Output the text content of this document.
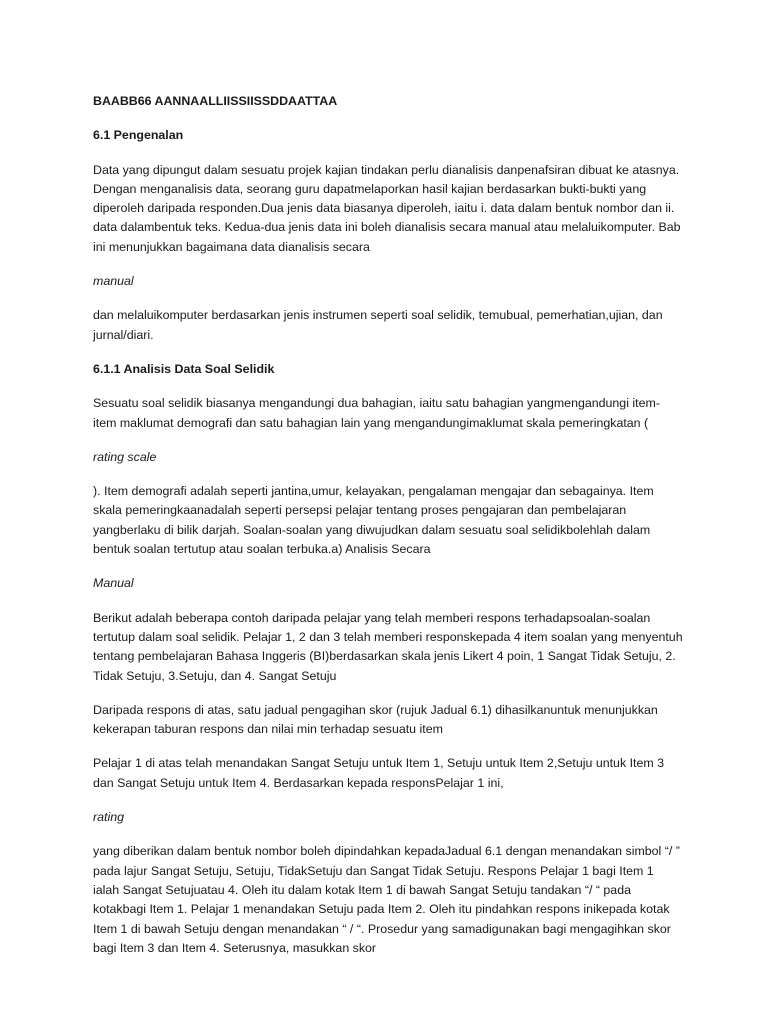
BAABB66 AANNAALLIISSIISSDDAATTAA

6.1 Pengenalan

Data yang dipungut dalam sesuatu projek kajian tindakan perlu dianalisis danpenafsiran dibuat ke atasnya. Dengan menganalisis data, seorang guru dapatmelaporkan hasil kajian berdasarkan bukti-bukti yang diperoleh daripada responden.Dua jenis data biasanya diperoleh, iaitu i. data dalam bentuk nombor dan ii. data dalambentuk teks. Kedua-dua jenis data ini boleh dianalisis secara manual atau melaluikomputer. Bab ini menunjukkan bagaimana data dianalisis secara

manual

dan melaluikomputer berdasarkan jenis instrumen seperti soal selidik, temubual, pemerhatian,ujian, dan jurnal/diari.

6.1.1 Analisis Data Soal Selidik

Sesuatu soal selidik biasanya mengandungi dua bahagian, iaitu satu bahagian yangmengandungi item-item maklumat demografi dan satu bahagian lain yang mengandungimaklumat skala pemeringkatan (

rating scale

). Item demografi adalah seperti jantina,umur, kelayakan, pengalaman mengajar dan sebagainya. Item skala pemeringkaanadalah seperti persepsi pelajar tentang proses pengajaran dan pembelajaran yangberlaku di bilik darjah. Soalan-soalan yang diwujudkan dalam sesuatu soal selidikbolehlah dalam bentuk soalan tertutup atau soalan terbuka.a) Analisis Secara

Manual

Berikut adalah beberapa contoh daripada pelajar yang telah memberi respons terhadapsoalan-soalan tertutup dalam soal selidik. Pelajar 1, 2 dan 3 telah memberi responskepada 4 item soalan yang menyentuh tentang pembelajaran Bahasa Inggeris (BI)berdasarkan skala jenis Likert 4 poin, 1 Sangat Tidak Setuju, 2. Tidak Setuju, 3.Setuju, dan 4. Sangat Setuju

Daripada respons di atas, satu jadual pengagihan skor (rujuk Jadual 6.1) dihasilkanuntuk menunjukkan kekerapan taburan respons dan nilai min terhadap sesuatu item

Pelajar 1 di atas telah menandakan Sangat Setuju untuk Item 1, Setuju untuk Item 2,Setuju untuk Item 3 dan Sangat Setuju untuk Item 4. Berdasarkan kepada responsPelajar 1 ini,

rating

yang diberikan dalam bentuk nombor boleh dipindahkan kepadaJadual 6.1 dengan menandakan simbol “/ ” pada lajur Sangat Setuju, Setuju, TidakSetuju dan Sangat Tidak Setuju. Respons Pelajar 1 bagi Item 1 ialah Sangat Setujuatau 4. Oleh itu dalam kotak Item 1 di bawah Sangat Setuju tandakan “/ “ pada kotakbagi Item 1. Pelajar 1 menandakan Setuju pada Item 2. Oleh itu pindahkan respons inikepada kotak Item 1 di bawah Setuju dengan menandakan “ / “. Prosedur yang samadigunakan bagi mengagihkan skor bagi Item 3 dan Item 4. Seterusnya, masukkan skor
